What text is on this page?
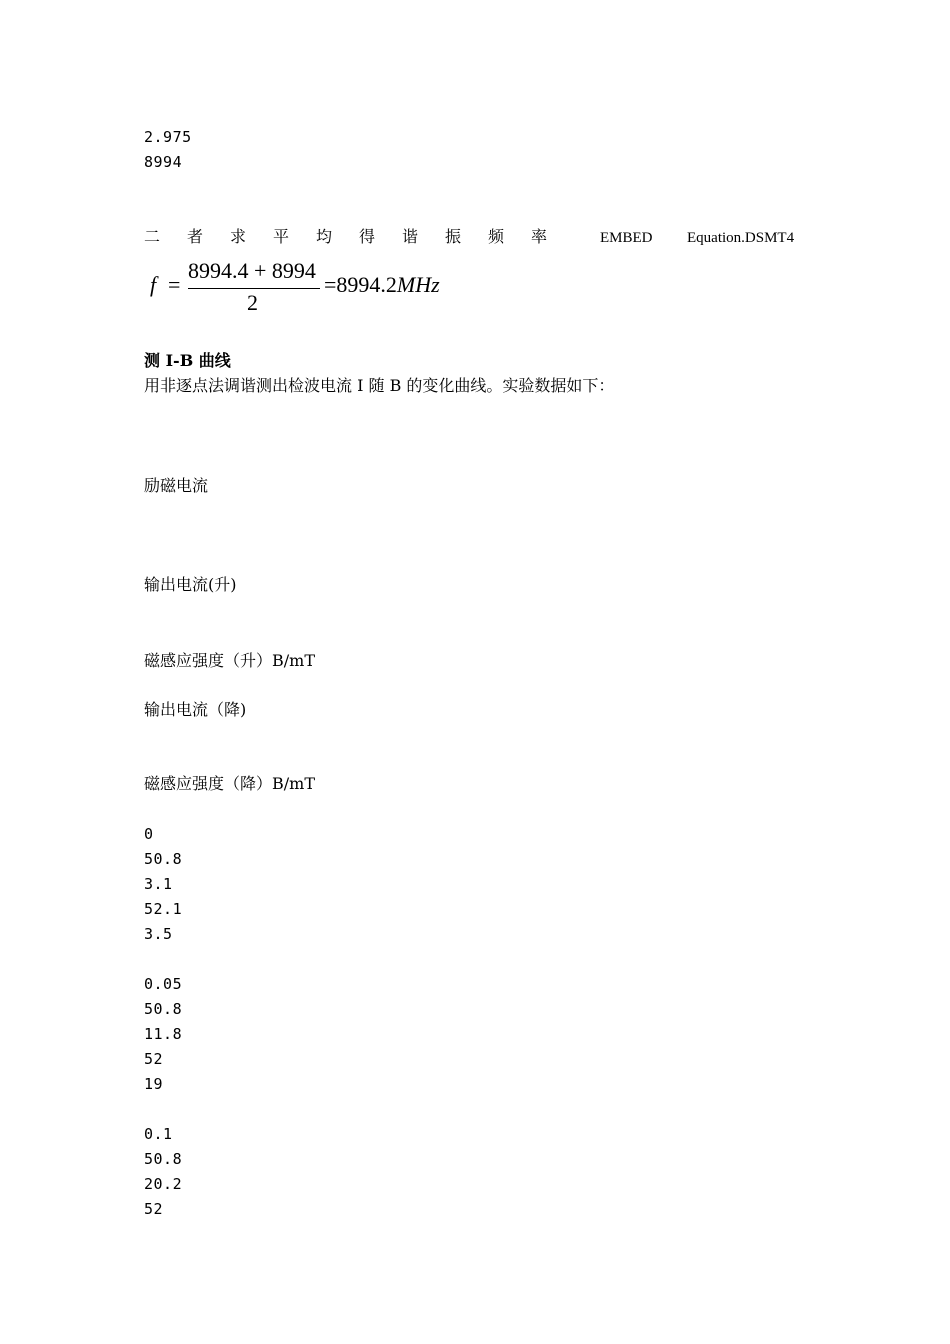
2.975
8994
二 者 求 平 均 得 谐 振 频 率	EMBED Equation.DSMT4
f =
8994.4 + 8994
2
=8994.2MHz
测 I-B 曲线
用非逐点法调谐测出检波电流 I 随 B 的变化曲线。实验数据如下：
励磁电流
输出电流(升)
磁感应强度（升）B/mT
输出电流（降)
磁感应强度（降）B/mT
0
50.8
3.1
52.1
3.5
0.05
50.8
11.8
52
19
0.1
50.8
20.2
52
